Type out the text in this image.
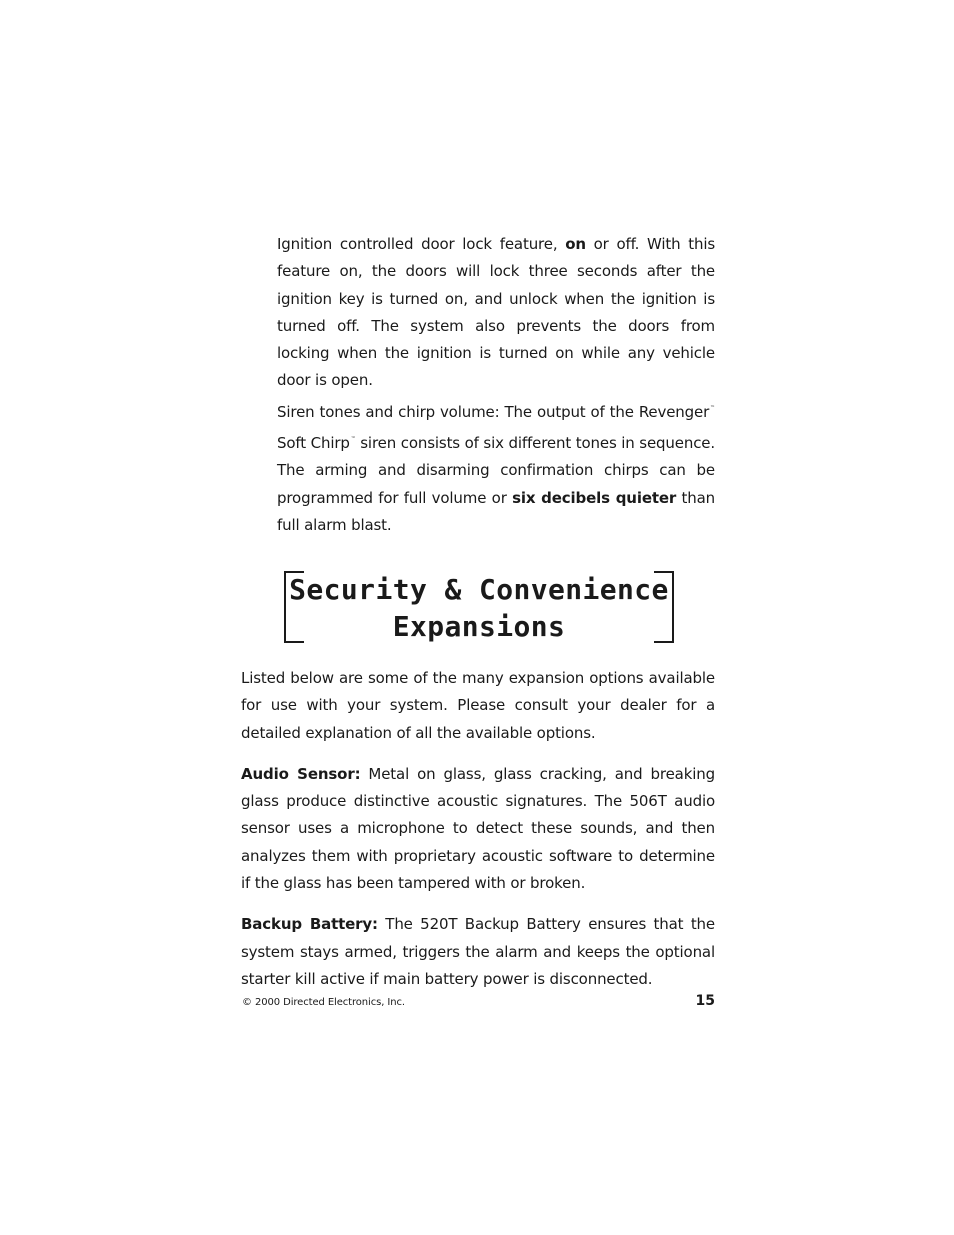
Ignition controlled door lock feature, on or off. With this feature on, the doors will lock three seconds after the ignition key is turned on, and unlock when the ignition is turned off. The system also prevents the doors from locking when the ignition is turned on while any vehicle door is open.

Siren tones and chirp volume: The output of the Revenger™ Soft Chirp™ siren consists of six different tones in sequence. The arming and disarming confirmation chirps can be programmed for full volume or six decibels quieter than full alarm blast.

Security & Convenience
Expansions

Listed below are some of the many expansion options available for use with your system. Please consult your dealer for a detailed explanation of all the available options.

Audio Sensor: Metal on glass, glass cracking, and breaking glass produce distinctive acoustic signatures. The 506T audio sensor uses a microphone to detect these sounds, and then analyzes them with proprietary acoustic software to determine if the glass has been tampered with or broken.

Backup Battery: The 520T Backup Battery ensures that the system stays armed, triggers the alarm and keeps the optional starter kill active if main battery power is disconnected.

© 2000 Directed Electronics, Inc.	15
